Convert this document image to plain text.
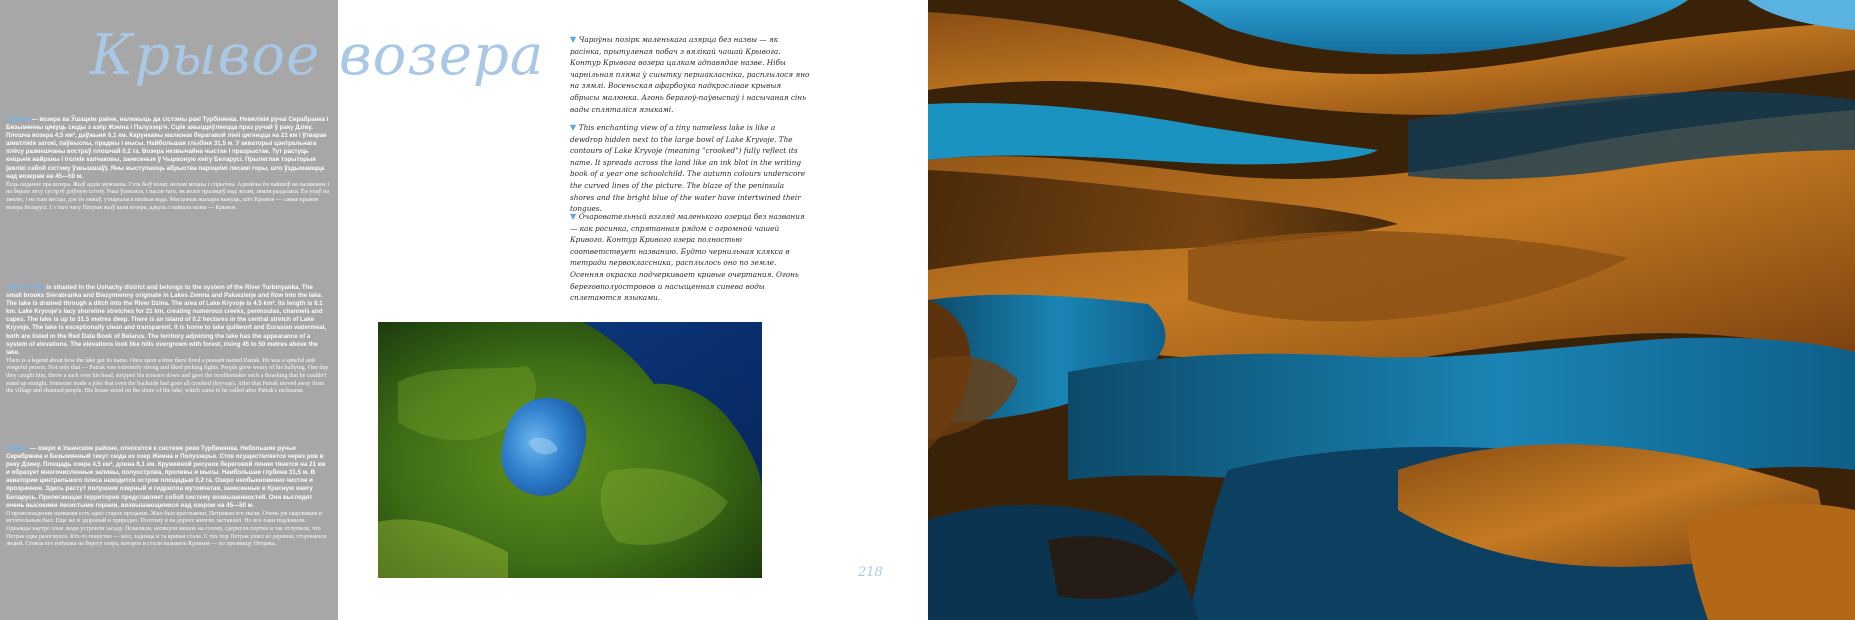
Крывое — возера ва Ўшацкім раёне, належыць да сістэмы ракі Турбінянка. Невялікія ручаі Серабранка і Бязыменны цякуць сюды з азёр Жэмна і Палуэзер'е. Сцёк ажыццяўляецца праз ручай ў раку Дзіву. Плошча возера 4,5 км², даўжыня 6,1 км. Карункавы малюнак берагавой лініі цягнецца на 21 км і ўтварае шматлікія затокі, паўвыспы, прадмы і мысы. Найбольшая глыбіня 31,5 м. У акваторыі цэнтральнага плёсу размешчаны востраў плошчай 0,2 га. Возера незвычайна чыстае і празрыстае. Тут растуць кніцьнік вайраны і іголкік капчаковы, занесеныя ў Чырвоную кнігу Беларусі. Прылеглая тэрыторыя (вялікі сабой сістэму ўзвышшаў). Яны выступаюць абрыства парэцкімі лясамі горы, што ўздымаюцца над возерам на 45—50 м.

Ёсць паданне пра возера. Жыў адзін мужчына. Гэта быў волат, вельмі моцны і спрытны. Аднойчы ён пайшоў на паляванне і на беразе лесу сустрэў дзіўную істоту. Рака ўзнялася, і пасля таго, як волат праляцеў над лесам, зямля раздалася. Ён упаў на зямлю, і на тым месцы, дзе ён ляжаў, утварылася вялікая вада. Мясцовыя жыхары кажуць, што Крывое — самае крывое возера Беларусі. І з таго часу Патрык жыў каля возера, адкуль і пайшла назва — Крывое.

Lake Kryvoje is situated in the Ushachy district and belongs to the system of the River Turbinyanka. The small brooks Sierabranka and Biezymienny originate in Lakes Zemna and Paluezierje and flow into the lake. The lake is drained through a ditch into the River Dzina. The area of Lake Kryvoje is 4.5 km². Its length is 6.1 km. Lake Kryvoje's lacy shoreline stretches for 21 km, creating numerous creeks, peninsulas, channels and capes. The lake is up to 31.5 metres deep. There is an island of 0.2 hectares in the central stretch of Lake Kryvoje. The lake is exceptionally clean and transparent. It is home to lake quillwort and Eurasian watermeal, both are listed in the Red Data Book of Belarus. The territory adjoining the lake has the appearance of a system of elevations. The elevations look like hills overgrown with forest, rising 45 to 50 metres above the lake.

There is a legend about how the lake got its name. Once upon a time there lived a peasant named Patrak. He was a spiteful and vengeful person. Not only that — Patrak was extremely strong and liked picking fights. People grew weary of his bullying. One day they caught him, threw a sack over his head, stripped his trousers down and gave the troublemaker such a thrashing that he couldn't stand up straight. Someone made a joke that even the backside had gone all crooked (kryvaje). After that Patrak moved away from the village and shunned people. His house stood on the shore of the lake, which came to be called after Patrak's nickname.

Кривое — озеро в Ушачском районе, относится к системе реки Турбинянка. Небольшие ручьи Серебрянка и Безымянный текут сюда из озер Жемна и Полуэзерье. Сток осуществляется через ров в реку Дзину. Площадь озера 4,5 км², длина 6,1 км. Кружевной рисунок береговой линии тянется на 21 км и образует многочисленные заливы, полуострова, проливы и мысы. Наибольшая глубина 31,5 м. В акватории центрального плеса находится остров площадью 0,2 га. Озеро необыкновенно чистое и прозрачное. Здесь растут полушник озерный и гидрилла мутовчатая, занесенные в Красную книгу Беларусь. Прилегающая территория представляет собой систему возвышенностей. Они выглядят очень высокими лесистыми горами, возвышающимися над озером на 45—50 м.

О происхождении названия есть одно старое предание. Жил-был крестьянин, Петраком его звали. Очень уж сварливым и мстительным был. Еще же и здоровый и природно. Поэтому и на дороге многих заставлял. Но все-таки подловили. Однажды наутро злые люди устроили засаду. Повалили, натянули мешок на голову, сдернули портки и так отлупили, что Петрак едва разогнулся. Кто-то пошутил — мол, задница и та кривая стала. С тех пор Петрак ушел из деревни, сторонился людей. Стояла его избушка на берегу озера, которое и стали называть Кривым — по прозвищу Петрака.

Крывое возера	▼ Чароўны позірк маленькага азярца без назвы — як расінка, прытуленая побач з вялікай чашай Крывога. Контур Крывога возера цалкам адпавядае назве. Нібы чарнільная пляма ў сшытку першакласніка, расплылося яно на зямлі. Восеньская афарбоўка падкрэслівае крывыя абрысы малюнка. Агонь берагоў-паўвыспаў і насычаная сінь вады спляталіся языкамі.

▼ This enchanting view of a tiny nameless lake is like a dewdrop hidden next to the large bowl of Lake Kryvoje. The contours of Lake Kryvoje (meaning "crooked") fully reflect its name. It spreads across the land like an ink blot in the writing book of a year one schoolchild. The autumn colours underscore the curved lines of the picture. The blaze of the peninsula shores and the bright blue of the water have intertwined their tongues.

▼ Очаровательный взгляд маленького озерца без названия — как росинка, спрятанная рядом с огромной чашей Кривого. Контур Кривого озера полностью соответствует названию. Будто чернильная клякса в тетради первоклассника, расплылось оно по земле. Осенняя окраска подчеркивает кривые очертания. Огонь береговполуостровов и насыщенная синева воды сплетаются языками.

218
